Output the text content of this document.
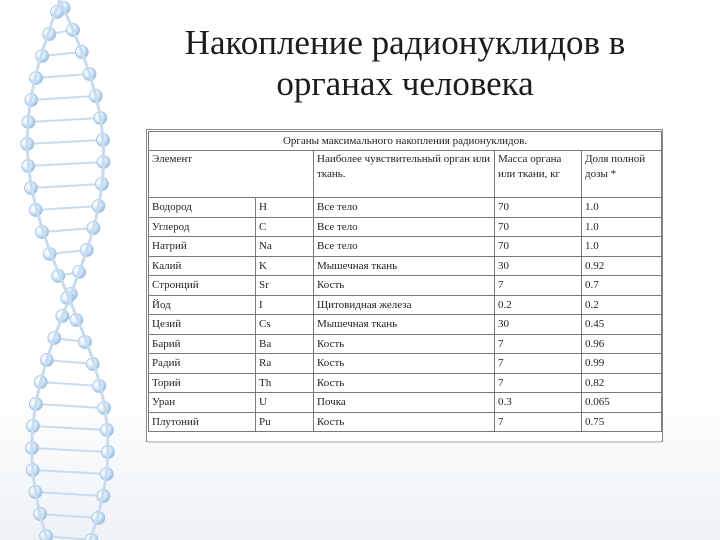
Накопление радионуклидов в
органах человека
Органы максимального накопления радионуклидов.				
Элемент		Наиболее чувствительный орган или ткань.	Масса органа или ткани, кг	Доля полной дозы *
Водород	H	Все тело	70	1.0
Углерод	C	Все тело	70	1.0
Натрий	Na	Все тело	70	1.0
Калий	K	Мышечная ткань	30	0.92
Стронций	Sr	Кость	7	0.7
Йод	I	Щитовидная железа	0.2	0.2
Цезий	Cs	Мышечная ткань	30	0.45
Барий	Ba	Кость	7	0.96
Радий	Ra	Кость	7	0.99
Торий	Th	Кость	7	0.82
Уран	U	Почка	0.3	0.065
Плутоний	Pu	Кость	7	0.75
